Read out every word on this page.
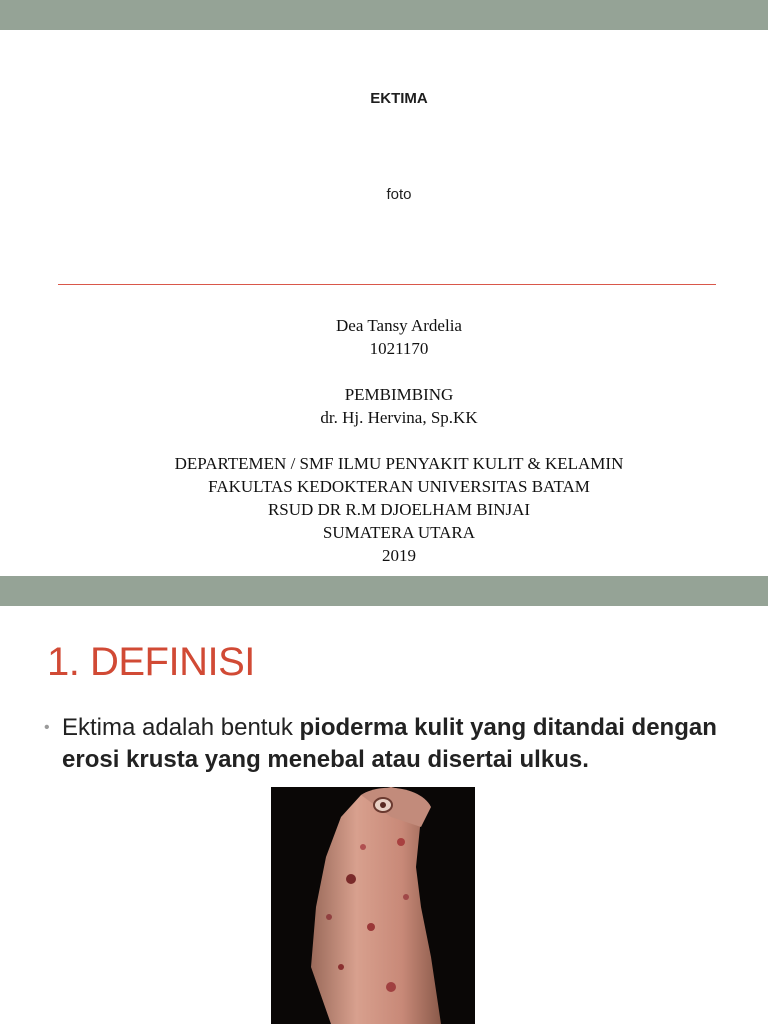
EKTIMA
foto
Dea Tansy Ardelia
1021170
PEMBIMBING
dr. Hj. Hervina, Sp.KK
DEPARTEMEN / SMF ILMU PENYAKIT KULIT & KELAMIN
FAKULTAS KEDOKTERAN UNIVERSITAS BATAM
RSUD DR R.M DJOELHAM BINJAI
SUMATERA UTARA
2019
1. DEFINISI
• Ektima adalah bentuk pioderma kulit yang ditandai dengan erosi krusta yang menebal atau disertai ulkus.
